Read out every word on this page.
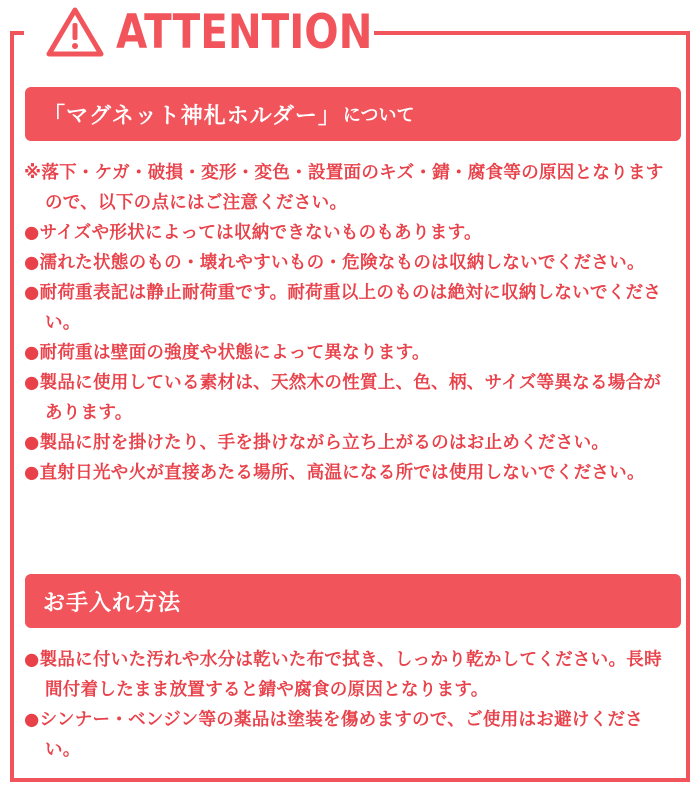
ATTENTION
「マグネット神札ホルダー」 について
※落下・ケガ・破損・変形・変色・設置面のキズ・錆・腐食等の原因となりますので、以下の点にはご注意ください。
●サイズや形状によっては収納できないものもあります。
●濡れた状態のもの・壊れやすいもの・危険なものは収納しないでください。
●耐荷重表記は静止耐荷重です。耐荷重以上のものは絶対に収納しないでください。
●耐荷重は壁面の強度や状態によって異なります。
●製品に使用している素材は、天然木の性質上、色、柄、サイズ等異なる場合があります。
●製品に肘を掛けたり、手を掛けながら立ち上がるのはお止めください。
●直射日光や火が直接あたる場所、高温になる所では使用しないでください。
お手入れ方法
●製品に付いた汚れや水分は乾いた布で拭き、しっかり乾かしてください。長時間付着したまま放置すると錆や腐食の原因となります。
●シンナー・ベンジン等の薬品は塗装を傷めますので、ご使用はお避けください。
